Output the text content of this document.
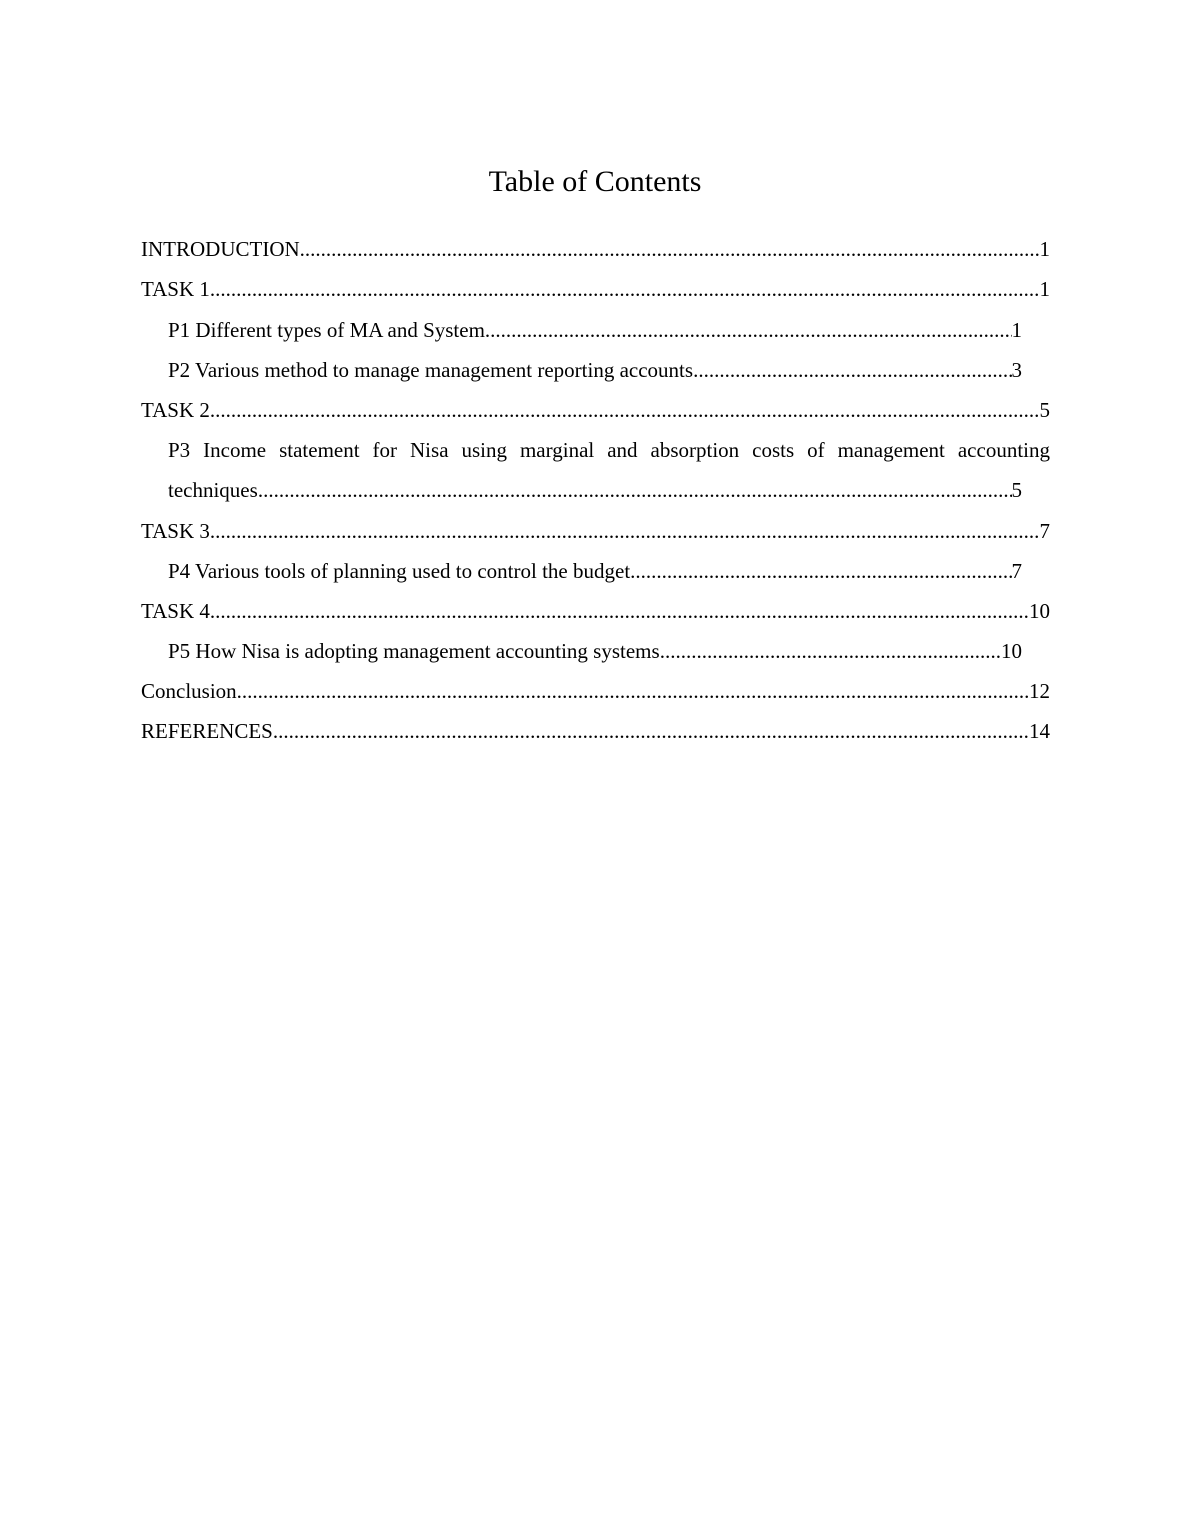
Table of Contents
INTRODUCTION .....	1
TASK 1 .....	1
P1 Different types of MA and System .....	1
P2 Various method to manage management reporting accounts .....	3
TASK 2 .....	5
P3 Income statement for Nisa using marginal and absorption costs of management accounting
techniques .....	5
TASK 3 .....	7
P4 Various tools of planning used to control the budget .....	7
TASK 4 .....	10
P5 How Nisa is adopting management accounting systems .....	10
Conclusion .....	12
REFERENCES .....	14
